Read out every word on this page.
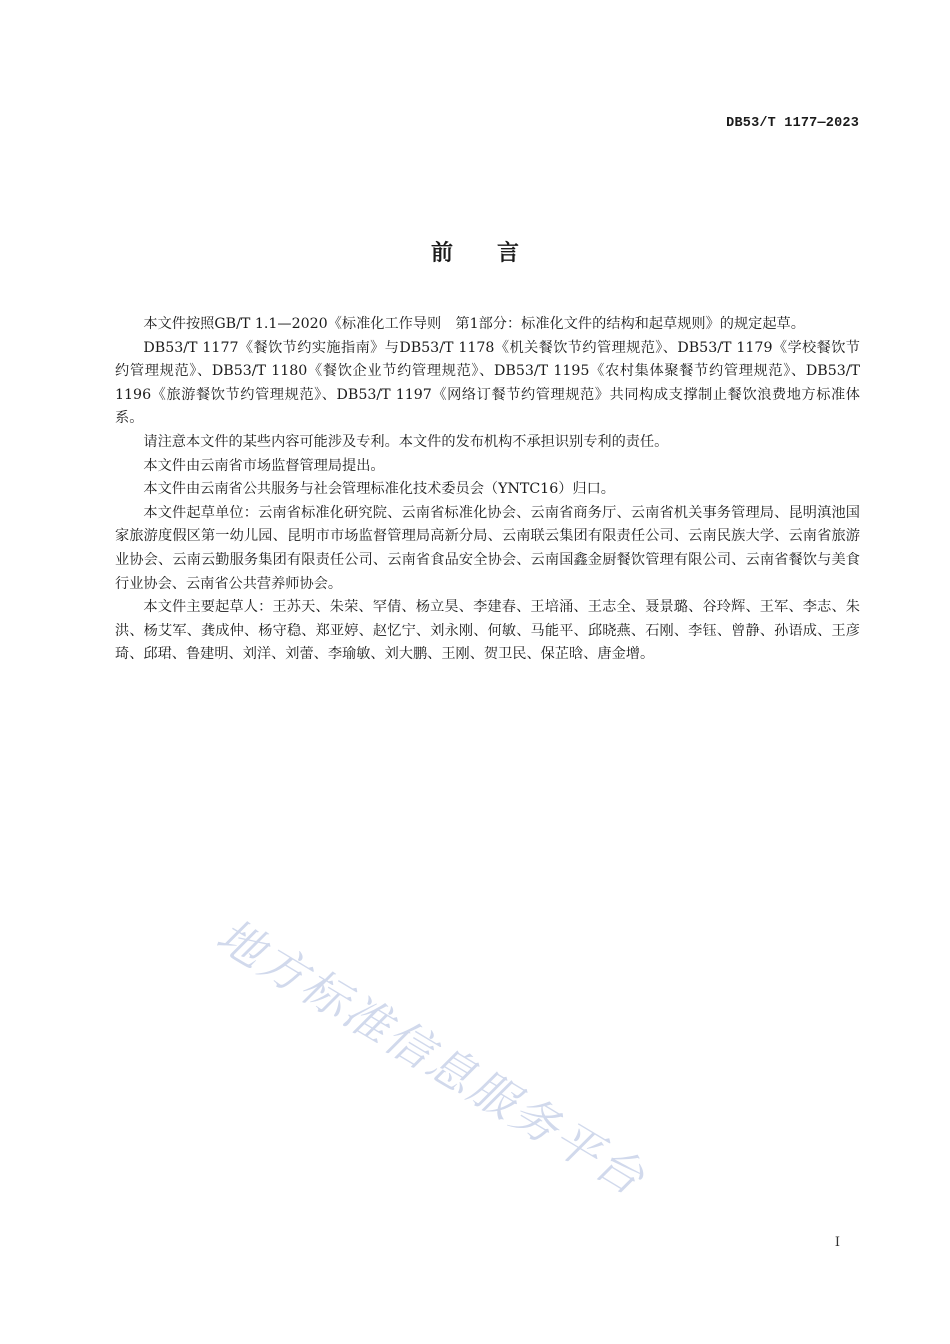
DB53/T 1177—2023
前 言

本文件按照GB/T 1.1—2020《标准化工作导则　第1部分：标准化文件的结构和起草规则》的规定起草。

DB53/T 1177《餐饮节约实施指南》与DB53/T 1178《机关餐饮节约管理规范》、DB53/T 1179《学校餐饮节约管理规范》、DB53/T 1180《餐饮企业节约管理规范》、DB53/T 1195《农村集体聚餐节约管理规范》、DB53/T 1196《旅游餐饮节约管理规范》、DB53/T 1197《网络订餐节约管理规范》共同构成支撑制止餐饮浪费地方标准体系。

请注意本文件的某些内容可能涉及专利。本文件的发布机构不承担识别专利的责任。

本文件由云南省市场监督管理局提出。

本文件由云南省公共服务与社会管理标准化技术委员会（YNTC16）归口。

本文件起草单位：云南省标准化研究院、云南省标准化协会、云南省商务厅、云南省机关事务管理局、昆明滇池国家旅游度假区第一幼儿园、昆明市市场监督管理局高新分局、云南联云集团有限责任公司、云南民族大学、云南省旅游业协会、云南云勤服务集团有限责任公司、云南省食品安全协会、云南国鑫金厨餐饮管理有限公司、云南省餐饮与美食行业协会、云南省公共营养师协会。

本文件主要起草人：王苏天、朱荣、罕倩、杨立昊、李建春、王培涌、王志全、聂景璐、谷玲辉、王军、李志、朱洪、杨艾军、龚成仲、杨守稳、郑亚婷、赵忆宁、刘永刚、何敏、马能平、邱晓燕、石刚、李钰、曾静、孙语成、王彦琦、邱珺、鲁建明、刘洋、刘蕾、李瑜敏、刘大鹏、王刚、贺卫民、保芷晗、唐金增。

地方标准信息服务平台
I
